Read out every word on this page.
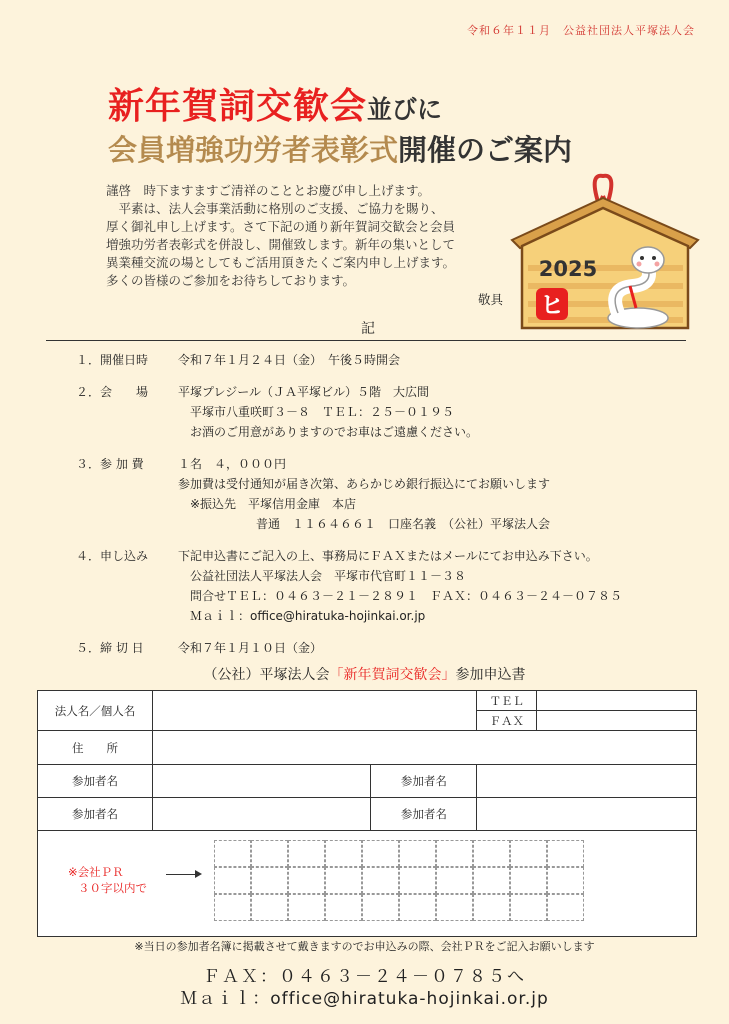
令和６年１１月　公益社団法人平塚法人会
新年賀詞交歓会並びに
会員増強功労者表彰式開催のご案内

謹啓　時下ますますご清祥のこととお慶び申し上げます。

　平素は、法人会事業活動に格別のご支援、ご協力を賜り、

厚く御礼申し上げます。さて下記の通り新年賀詞交歓会と会員

増強功労者表彰式を併設し、開催致します。新年の集いとして

異業種交流の場としてもご活用頂きたくご案内申し上げます。

多くの皆様のご参加をお待ちしております。

敬具
2025
ヒ
記
１．開催日時	令和７年１月２４日（金）　午後５時開会
２．会　　場	平塚プレジール（ＪＡ平塚ビル）５階　大広間
平塚市八重咲町３－８　ＴＥＬ：２５－０１９５
お酒のご用意がありますのでお車はご遠慮ください。
３．参 加 費	１名　４，０００円
参加費は受付通知が届き次第、あらかじめ銀行振込にてお願いします
※振込先　平塚信用金庫　本店
普通　１１６４６６１　口座名義　（公社）平塚法人会
４．申し込み	下記申込書にご記入の上、事務局にＦＡＸまたはメールにてお申込み下さい。
公益社団法人平塚法人会　平塚市代官町１１－３８
問合せＴＥＬ：０４６３－２１－２８９１　ＦＡＸ：０４６３－２４－０７８５
Ｍａｉｌ：office@hiratuka-hojinkai.or.jp
５．締 切 日	令和７年１月１０日（金）
（公社）平塚法人会「新年賀詞交歓会」参加申込書
法人名／個人名			ＴＥＬ	
			ＦＡＸ	
住　　所				
参加者名		参加者名		
参加者名		参加者名		

※会社ＰＲ
３０字以内で				
※当日の参加者名簿に掲載させて戴きますのでお申込みの際、会社ＰＲをご記入お願いします
ＦＡＸ：０４６３－２４－０７８５へ
Ｍａｉｌ：office@hiratuka-hojinkai.or.jp
